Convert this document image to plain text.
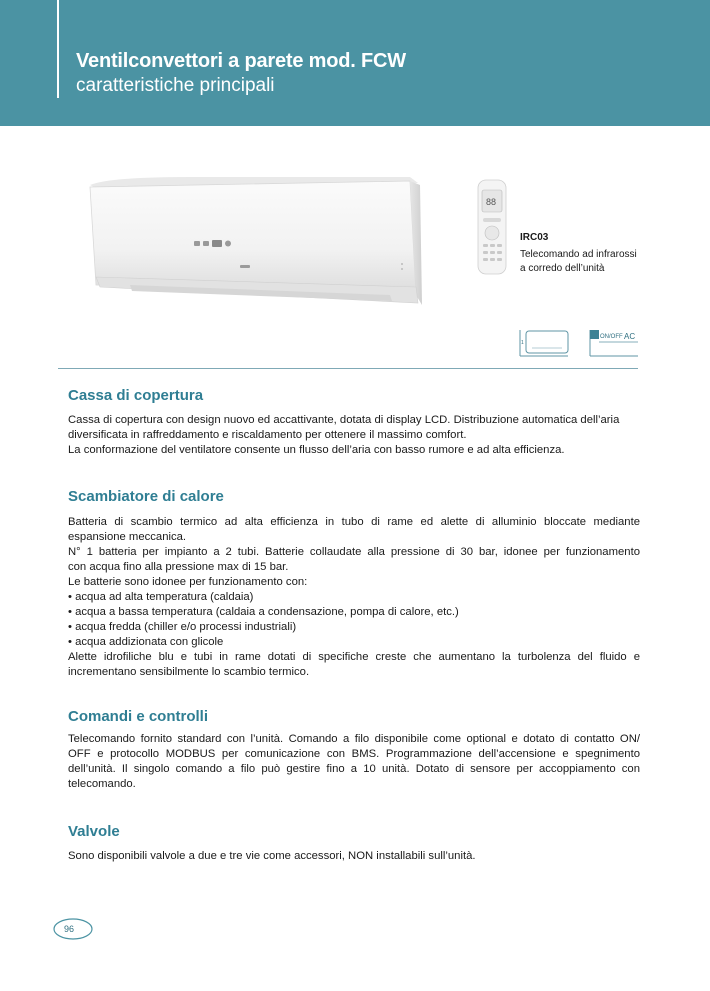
Ventilconvettori a parete mod. FCW
caratteristiche principali
88
IRC03
Telecomando ad infrarossi
a corredo dell’unità
1
ON/OFF AC
Cassa di copertura
Cassa di copertura con design nuovo ed accattivante, dotata di display LCD. Distribuzione automatica dell’aria
diversificata in raffreddamento e riscaldamento per ottenere il massimo comfort.
La conformazione del ventilatore consente un flusso dell’aria con basso rumore e ad alta efficienza.
Scambiatore di calore
Batteria di scambio termico ad alta efficienza in tubo di rame ed alette di alluminio bloccate mediante
espansione meccanica.
N° 1 batteria per impianto a 2 tubi. Batterie collaudate alla pressione di 30 bar, idonee per funzionamento
con acqua fino alla pressione max di 15 bar.
Le batterie sono idonee per funzionamento con:
• acqua ad alta temperatura (caldaia)
• acqua a bassa temperatura (caldaia a condensazione, pompa di calore, etc.)
• acqua fredda (chiller e/o processi industriali)
• acqua addizionata con glicole
Alette idrofiliche blu e tubi in rame dotati di specifiche creste che aumentano la turbolenza del fluido e
incrementano sensibilmente lo scambio termico.
Comandi e controlli
Telecomando fornito standard con l’unità. Comando a filo disponibile come optional e dotato di contatto ON/
OFF e protocollo MODBUS per comunicazione con BMS. Programmazione dell’accensione e spegnimento
dell’unità. Il singolo comando a filo può gestire fino a 10 unità. Dotato di sensore per accoppiamento con
telecomando.
Valvole
Sono disponibili valvole a due e tre vie come accessori, NON installabili sull’unità.
96
